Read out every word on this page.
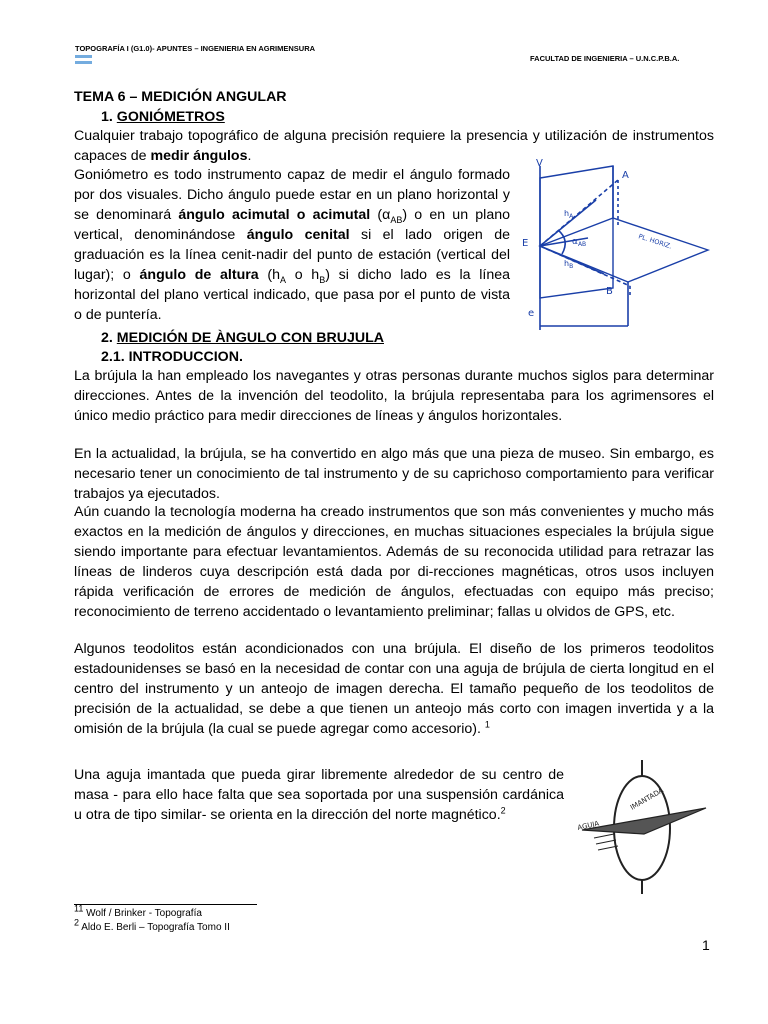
TOPOGRAFÍA I (G1.0)- APUNTES – INGENIERIA EN AGRIMENSURA
FACULTAD DE INGENIERIA – U.N.C.P.B.A.
TEMA 6 – MEDICIÓN ANGULAR
1. GONIÓMETROS
Cualquier trabajo topográfico de alguna precisión requiere la presencia y utilización de instrumentos capaces de medir ángulos.
Goniómetro es todo instrumento capaz de medir el ángulo formado por dos visuales. Dicho ángulo puede estar en un plano horizontal y se denominará ángulo acimutal o acimutal $(\alpha_{AB})$ o en un plano vertical, denominándose ángulo cenital si el lado origen de graduación es la línea cenit-nadir del punto de estación (vertical del lugar); o ángulo de altura ($h_A$ o $h_B$) si dicho lado es la línea horizontal del plano vertical indicado, que pasa por el punto de vista o de puntería.
V
A
E
B
e
$h_A$
$h_B$
$\alpha_{AB}$	PL. HORIZ.
2. MEDICIÓN DE ÀNGULO CON BRUJULA
2.1. INTRODUCCION.
La brújula la han empleado los navegantes y otras personas durante muchos siglos para determinar direcciones. Antes de la invención del teodolito, la brújula representaba para los agrimensores el único medio práctico para medir direcciones de líneas y ángulos horizontales.
En la actualidad, la brújula, se ha convertido en algo más que una pieza de museo. Sin embargo, es necesario tener un conocimiento de tal instrumento y de su caprichoso comportamiento para verificar trabajos ya ejecutados.
Aún cuando la tecnología moderna ha creado instrumentos que son más convenientes y mucho más exactos en la medición de ángulos y direcciones, en muchas situaciones especiales la brújula sigue siendo importante para efectuar levantamientos. Además de su reconocida utilidad para retrazar las líneas de linderos cuya descripción está dada por di-recciones magnéticas, otros usos incluyen rápida verificación de errores de medición de ángulos, efectuadas con equipo más preciso; reconocimiento de terreno accidentado o levantamiento preliminar; fallas u olvidos de GPS, etc.
Algunos teodolitos están acondicionados con una brújula. El diseño de los primeros teodolitos estadounidenses se basó en la necesidad de contar con una aguja de brújula de cierta longitud en el centro del instrumento y un anteojo de imagen derecha. El tamaño pequeño de los teodolitos de precisión de la actualidad, se debe a que tienen un anteojo más corto con imagen invertida y a la omisión de la brújula (la cual se puede agregar como accesorio). $^1$
Una aguja imantada que pueda girar libremente alrededor de su centro de masa - para ello hace falta que sea soportada por una suspensión cardánica u otra de tipo similar- se orienta en la dirección del norte magnético.$^2$
AGUJA
IMANTADA
$^{11}$ Wolf / Brinker - Topografía
$^2$ Aldo E. Berli – Topografía Tomo II
1
